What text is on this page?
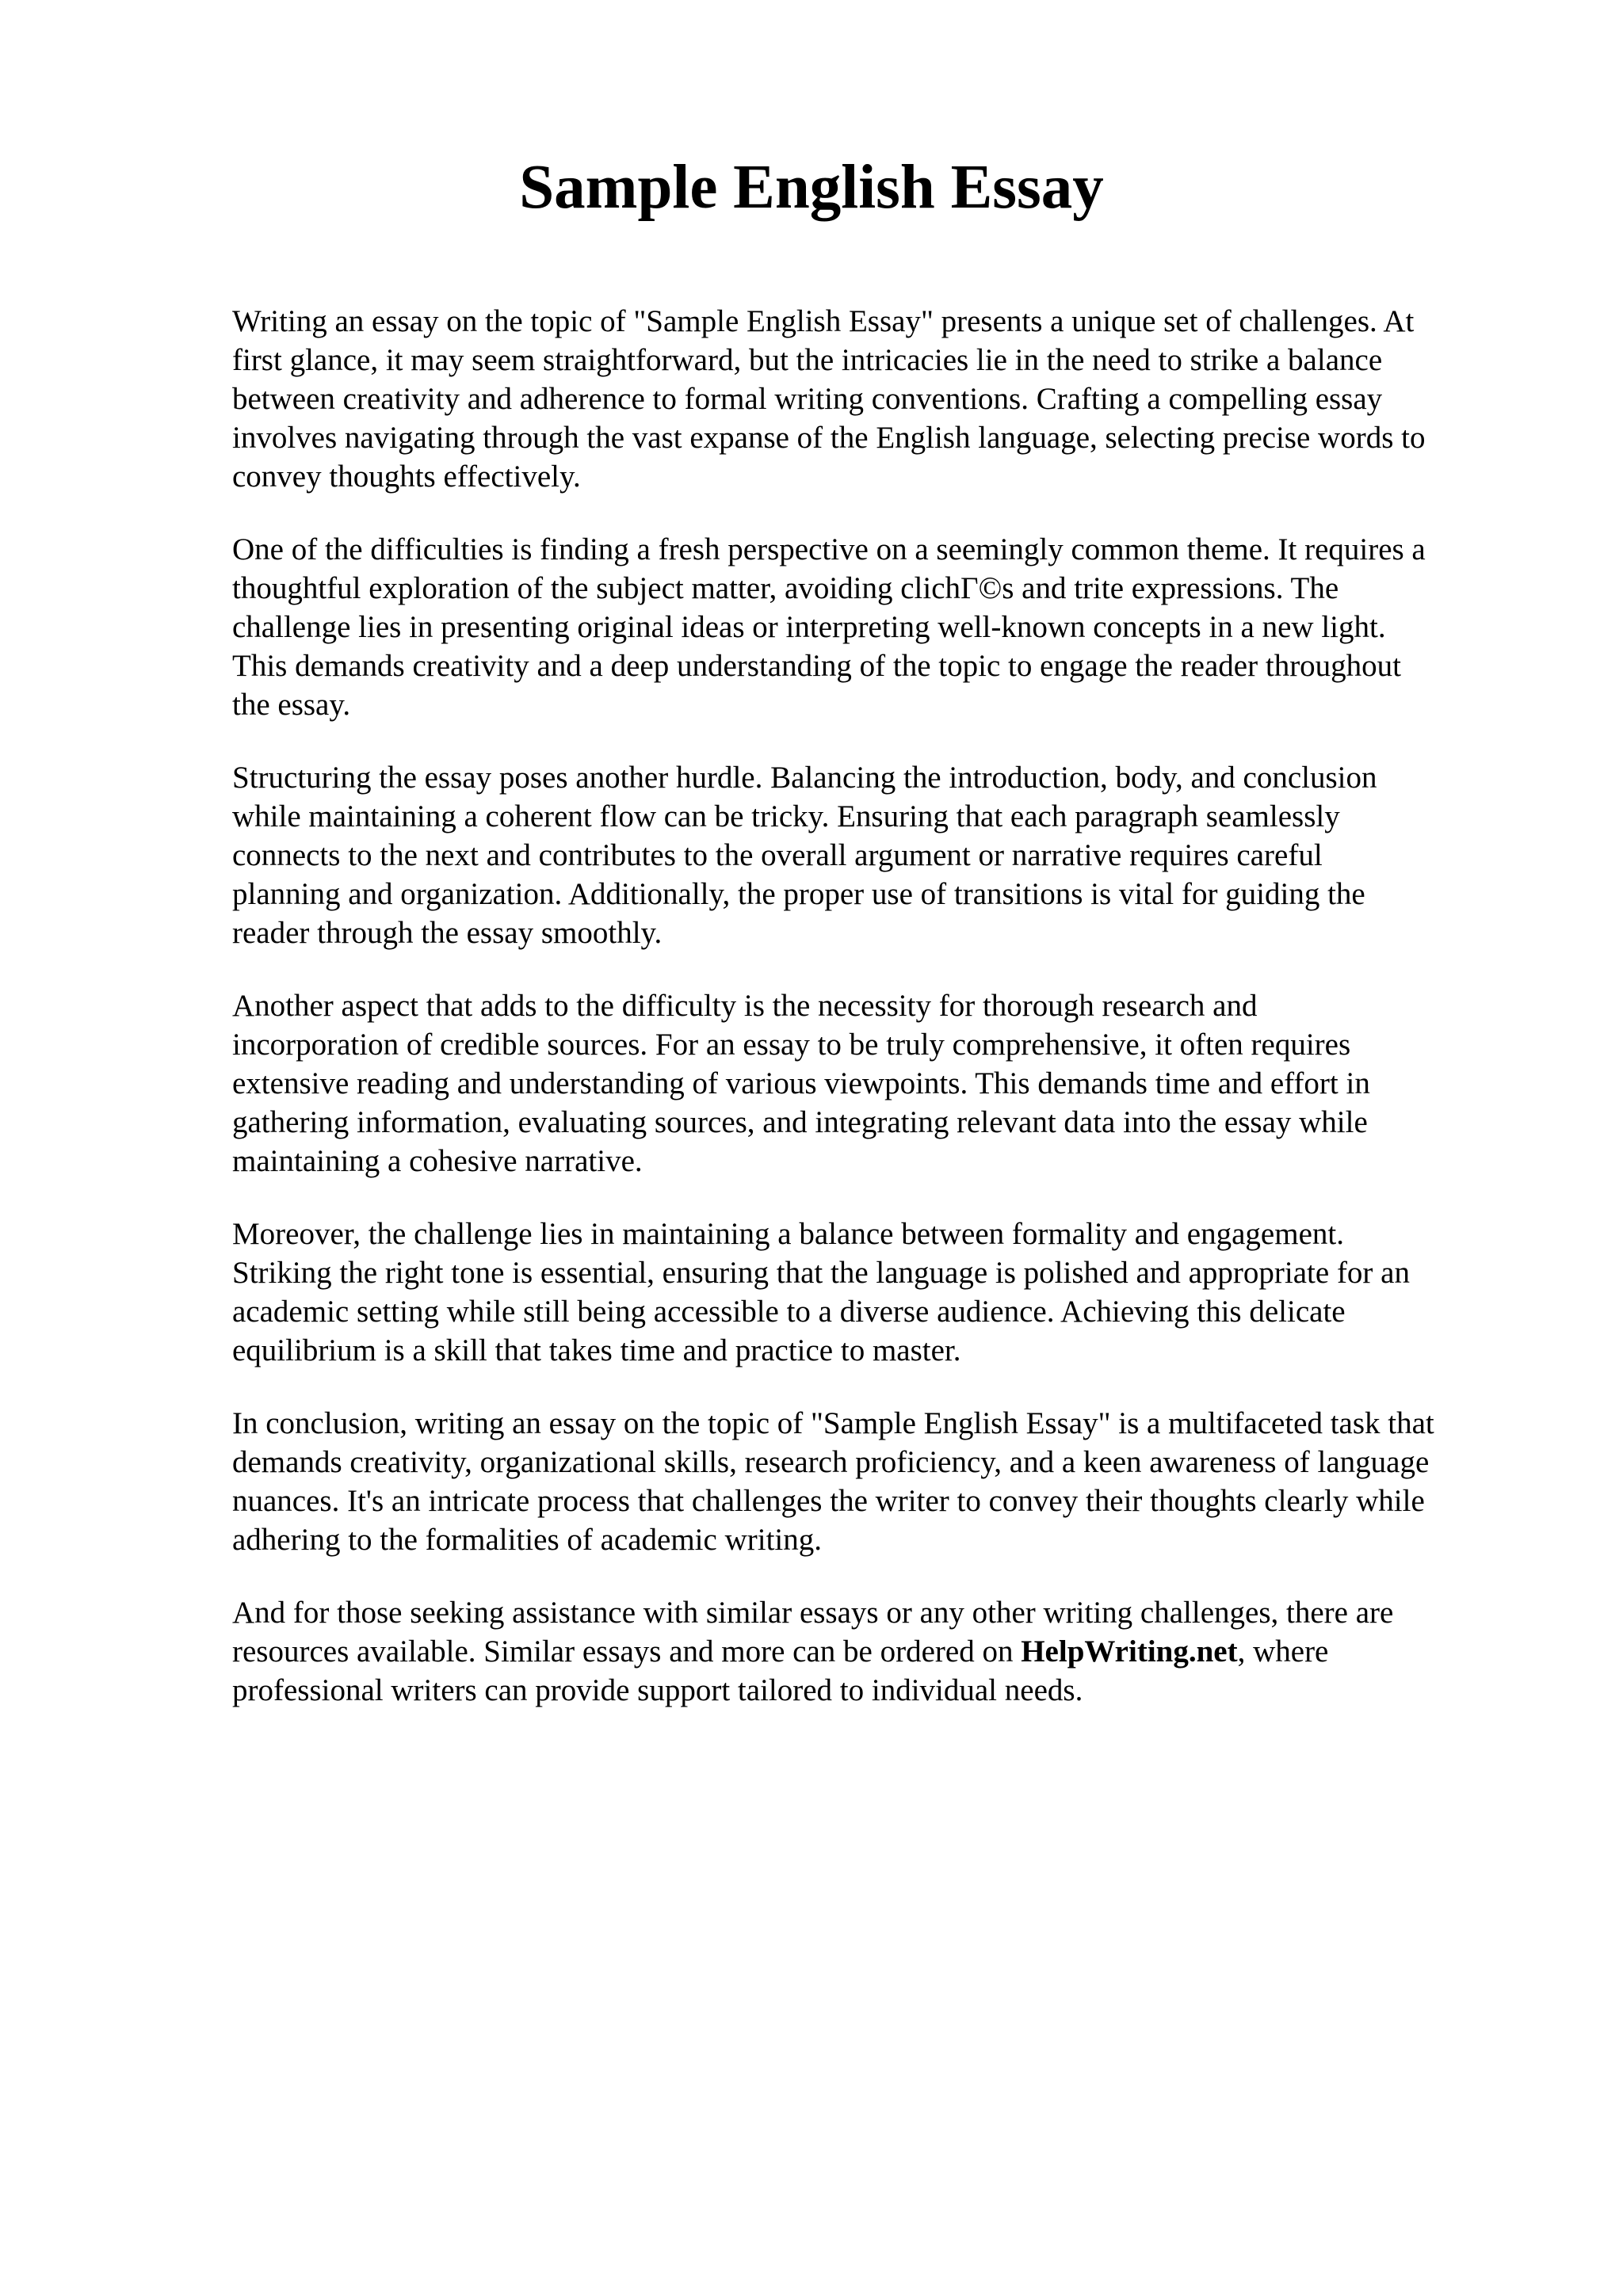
Sample English Essay

Writing an essay on the topic of "Sample English Essay" presents a unique set of challenges. At
first glance, it may seem straightforward, but the intricacies lie in the need to strike a balance
between creativity and adherence to formal writing conventions. Crafting a compelling essay
involves navigating through the vast expanse of the English language, selecting precise words to
convey thoughts effectively.

One of the difficulties is finding a fresh perspective on a seemingly common theme. It requires a
thoughtful exploration of the subject matter, avoiding clichГ©s and trite expressions. The
challenge lies in presenting original ideas or interpreting well-known concepts in a new light.
This demands creativity and a deep understanding of the topic to engage the reader throughout
the essay.

Structuring the essay poses another hurdle. Balancing the introduction, body, and conclusion
while maintaining a coherent flow can be tricky. Ensuring that each paragraph seamlessly
connects to the next and contributes to the overall argument or narrative requires careful
planning and organization. Additionally, the proper use of transitions is vital for guiding the
reader through the essay smoothly.

Another aspect that adds to the difficulty is the necessity for thorough research and
incorporation of credible sources. For an essay to be truly comprehensive, it often requires
extensive reading and understanding of various viewpoints. This demands time and effort in
gathering information, evaluating sources, and integrating relevant data into the essay while
maintaining a cohesive narrative.

Moreover, the challenge lies in maintaining a balance between formality and engagement.
Striking the right tone is essential, ensuring that the language is polished and appropriate for an
academic setting while still being accessible to a diverse audience. Achieving this delicate
equilibrium is a skill that takes time and practice to master.

In conclusion, writing an essay on the topic of "Sample English Essay" is a multifaceted task that
demands creativity, organizational skills, research proficiency, and a keen awareness of language
nuances. It's an intricate process that challenges the writer to convey their thoughts clearly while
adhering to the formalities of academic writing.

And for those seeking assistance with similar essays or any other writing challenges, there are
resources available. Similar essays and more can be ordered on HelpWriting.net, where
professional writers can provide support tailored to individual needs.
